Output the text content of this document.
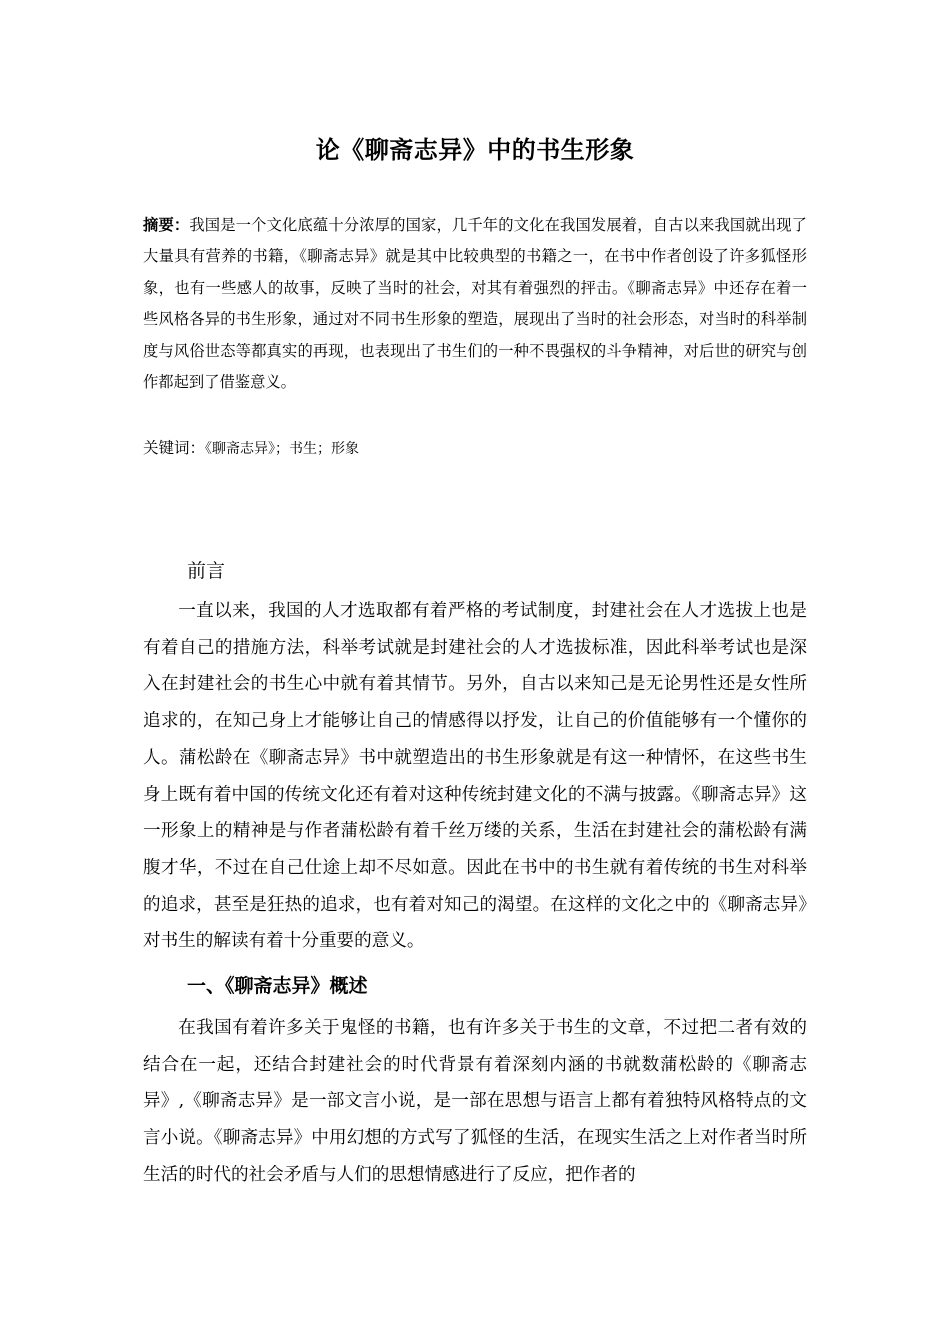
论《聊斋志异》中的书生形象
摘要：我国是一个文化底蕴十分浓厚的国家，几千年的文化在我国发展着，自古以来我国就出现了大量具有营养的书籍，《聊斋志异》就是其中比较典型的书籍之一，在书中作者创设了许多狐怪形象，也有一些感人的故事，反映了当时的社会，对其有着强烈的抨击。《聊斋志异》中还存在着一些风格各异的书生形象，通过对不同书生形象的塑造，展现出了当时的社会形态，对当时的科举制度与风俗世态等都真实的再现，也表现出了书生们的一种不畏强权的斗争精神，对后世的研究与创作都起到了借鉴意义。
关键词：《聊斋志异》；书生；形象
前言
一直以来，我国的人才选取都有着严格的考试制度，封建社会在人才选拔上也是有着自己的措施方法，科举考试就是封建社会的人才选拔标准，因此科举考试也是深入在封建社会的书生心中就有着其情节。另外，自古以来知己是无论男性还是女性所追求的，在知己身上才能够让自己的情感得以抒发，让自己的价值能够有一个懂你的人。蒲松龄在《聊斋志异》书中就塑造出的书生形象就是有这一种情怀，在这些书生身上既有着中国的传统文化还有着对这种传统封建文化的不满与披露。《聊斋志异》这一形象上的精神是与作者蒲松龄有着千丝万缕的关系，生活在封建社会的蒲松龄有满腹才华，不过在自己仕途上却不尽如意。因此在书中的书生就有着传统的书生对科举的追求，甚至是狂热的追求，也有着对知己的渴望。在这样的文化之中的《聊斋志异》对书生的解读有着十分重要的意义。
一、《聊斋志异》概述
在我国有着许多关于鬼怪的书籍，也有许多关于书生的文章，不过把二者有效的结合在一起，还结合封建社会的时代背景有着深刻内涵的书就数蒲松龄的《聊斋志异》,《聊斋志异》是一部文言小说，是一部在思想与语言上都有着独特风格特点的文言小说。《聊斋志异》中用幻想的方式写了狐怪的生活，在现实生活之上对作者当时所生活的时代的社会矛盾与人们的思想情感进行了反应，把作者的
